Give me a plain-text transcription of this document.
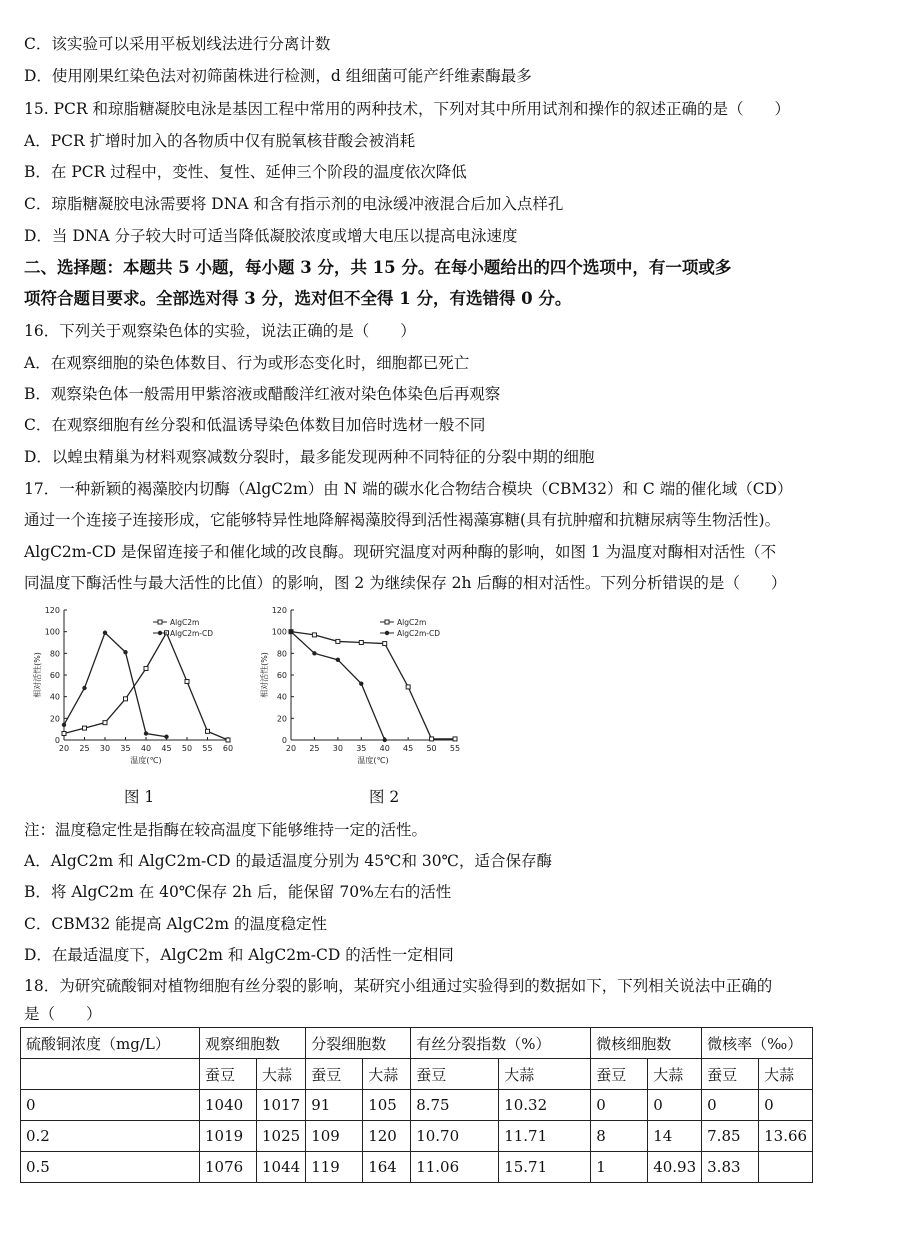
C．该实验可以采用平板划线法进行分离计数
D．使用刚果红染色法对初筛菌株进行检测，d 组细菌可能产纤维素酶最多
15. PCR 和琼脂糖凝胶电泳是基因工程中常用的两种技术，下列对其中所用试剂和操作的叙述正确的是（　　）
A．PCR 扩增时加入的各物质中仅有脱氧核苷酸会被消耗
B．在 PCR 过程中，变性、复性、延伸三个阶段的温度依次降低
C．琼脂糖凝胶电泳需要将 DNA 和含有指示剂的电泳缓冲液混合后加入点样孔
D．当 DNA 分子较大时可适当降低凝胶浓度或增大电压以提高电泳速度
二、选择题：本题共 5 小题，每小题 3 分，共 15 分。在每小题给出的四个选项中，有一项或多
项符合题目要求。全部选对得 3 分，选对但不全得 1 分，有选错得 0 分。
16．下列关于观察染色体的实验，说法正确的是（　　）
A．在观察细胞的染色体数目、行为或形态变化时，细胞都已死亡
B．观察染色体一般需用甲紫溶液或醋酸洋红液对染色体染色后再观察
C．在观察细胞有丝分裂和低温诱导染色体数目加倍时选材一般不同
D．以蝗虫精巢为材料观察减数分裂时，最多能发现两种不同特征的分裂中期的细胞
17．一种新颖的褐藻胶内切酶（AlgC2m）由 N 端的碳水化合物结合模块（CBM32）和 C 端的催化域（CD）
通过一个连接子连接形成，它能够特异性地降解褐藻胶得到活性褐藻寡糖(具有抗肿瘤和抗糖尿病等生物活性)。
AlgC2m-CD 是保留连接子和催化域的改良酶。现研究温度对两种酶的影响，如图 1 为温度对酶相对活性（不
同温度下酶活性与最大活性的比值）的影响，图 2 为继续保存 2h 后酶的相对活性。下列分析错误的是（　　）
0
20
40
60
80
100
120
20 25 30 35 40 45 50 55 60
温度(℃)
相对活性(%)
AlgC2m
AlgC2m-CD
0
20
40
60
80
100
120
20 25 30 35 40 45 50 55
温度(℃)
相对活性(%)
AlgC2m
AlgC2m-CD
图 1	图 2
注：温度稳定性是指酶在较高温度下能够维持一定的活性。
A．AlgC2m 和 AlgC2m-CD 的最适温度分别为 45℃和 30℃，适合保存酶
B．将 AlgC2m 在 40℃保存 2h 后，能保留 70%左右的活性
C．CBM32 能提高 AlgC2m 的温度稳定性
D．在最适温度下，AlgC2m 和 AlgC2m-CD 的活性一定相同
18．为研究硫酸铜对植物细胞有丝分裂的影响，某研究小组通过实验得到的数据如下，下列相关说法中正确的
是（　　）
硫酸铜浓度（mg/L）	观察细胞数		分裂细胞数		有丝分裂指数（%）		微核细胞数		微核率（‰）	
	蚕豆	大蒜	蚕豆	大蒜	蚕豆	大蒜	蚕豆	大蒜	蚕豆	大蒜
0	1040	1017	91	105	8.75	10.32	0	0	0	0
0.2	1019	1025	109	120	10.70	11.71	8	14	7.85	13.66
0.5	1076	1044	119	164	11.06	15.71	1	40.93	3.83	
